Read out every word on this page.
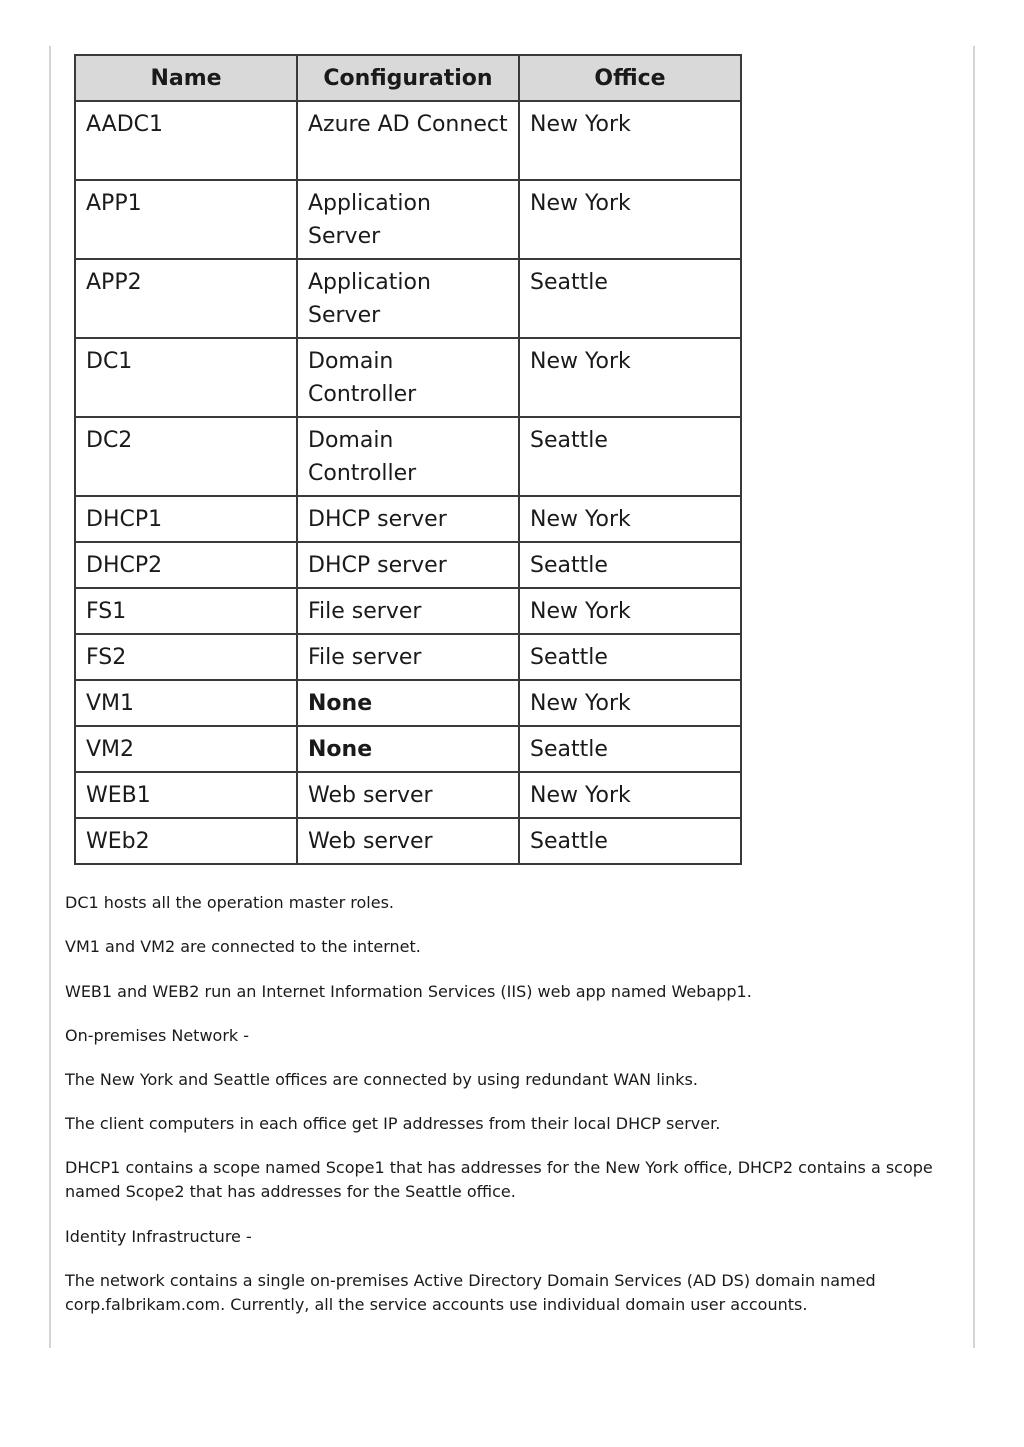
Name	Configuration	Office
AADC1	Azure AD Connect	New York
APP1	Application Server	New York
APP2	Application Server	Seattle
DC1	Domain Controller	New York
DC2	Domain Controller	Seattle
DHCP1	DHCP server	New York
DHCP2	DHCP server	Seattle
FS1	File server	New York
FS2	File server	Seattle
VM1	None	New York
VM2	None	Seattle
WEB1	Web server	New York
WEb2	Web server	Seattle

DC1 hosts all the operation master roles.

VM1 and VM2 are connected to the internet.

WEB1 and WEB2 run an Internet Information Services (IIS) web app named Webapp1.

On-premises Network -

The New York and Seattle offices are connected by using redundant WAN links.

The client computers in each office get IP addresses from their local DHCP server.

DHCP1 contains a scope named Scope1 that has addresses for the New York office, DHCP2 contains a scope named Scope2 that has addresses for the Seattle office.

Identity Infrastructure -

The network contains a single on-premises Active Directory Domain Services (AD DS) domain named corp.falbrikam.com. Currently, all the service accounts use individual domain user accounts.
